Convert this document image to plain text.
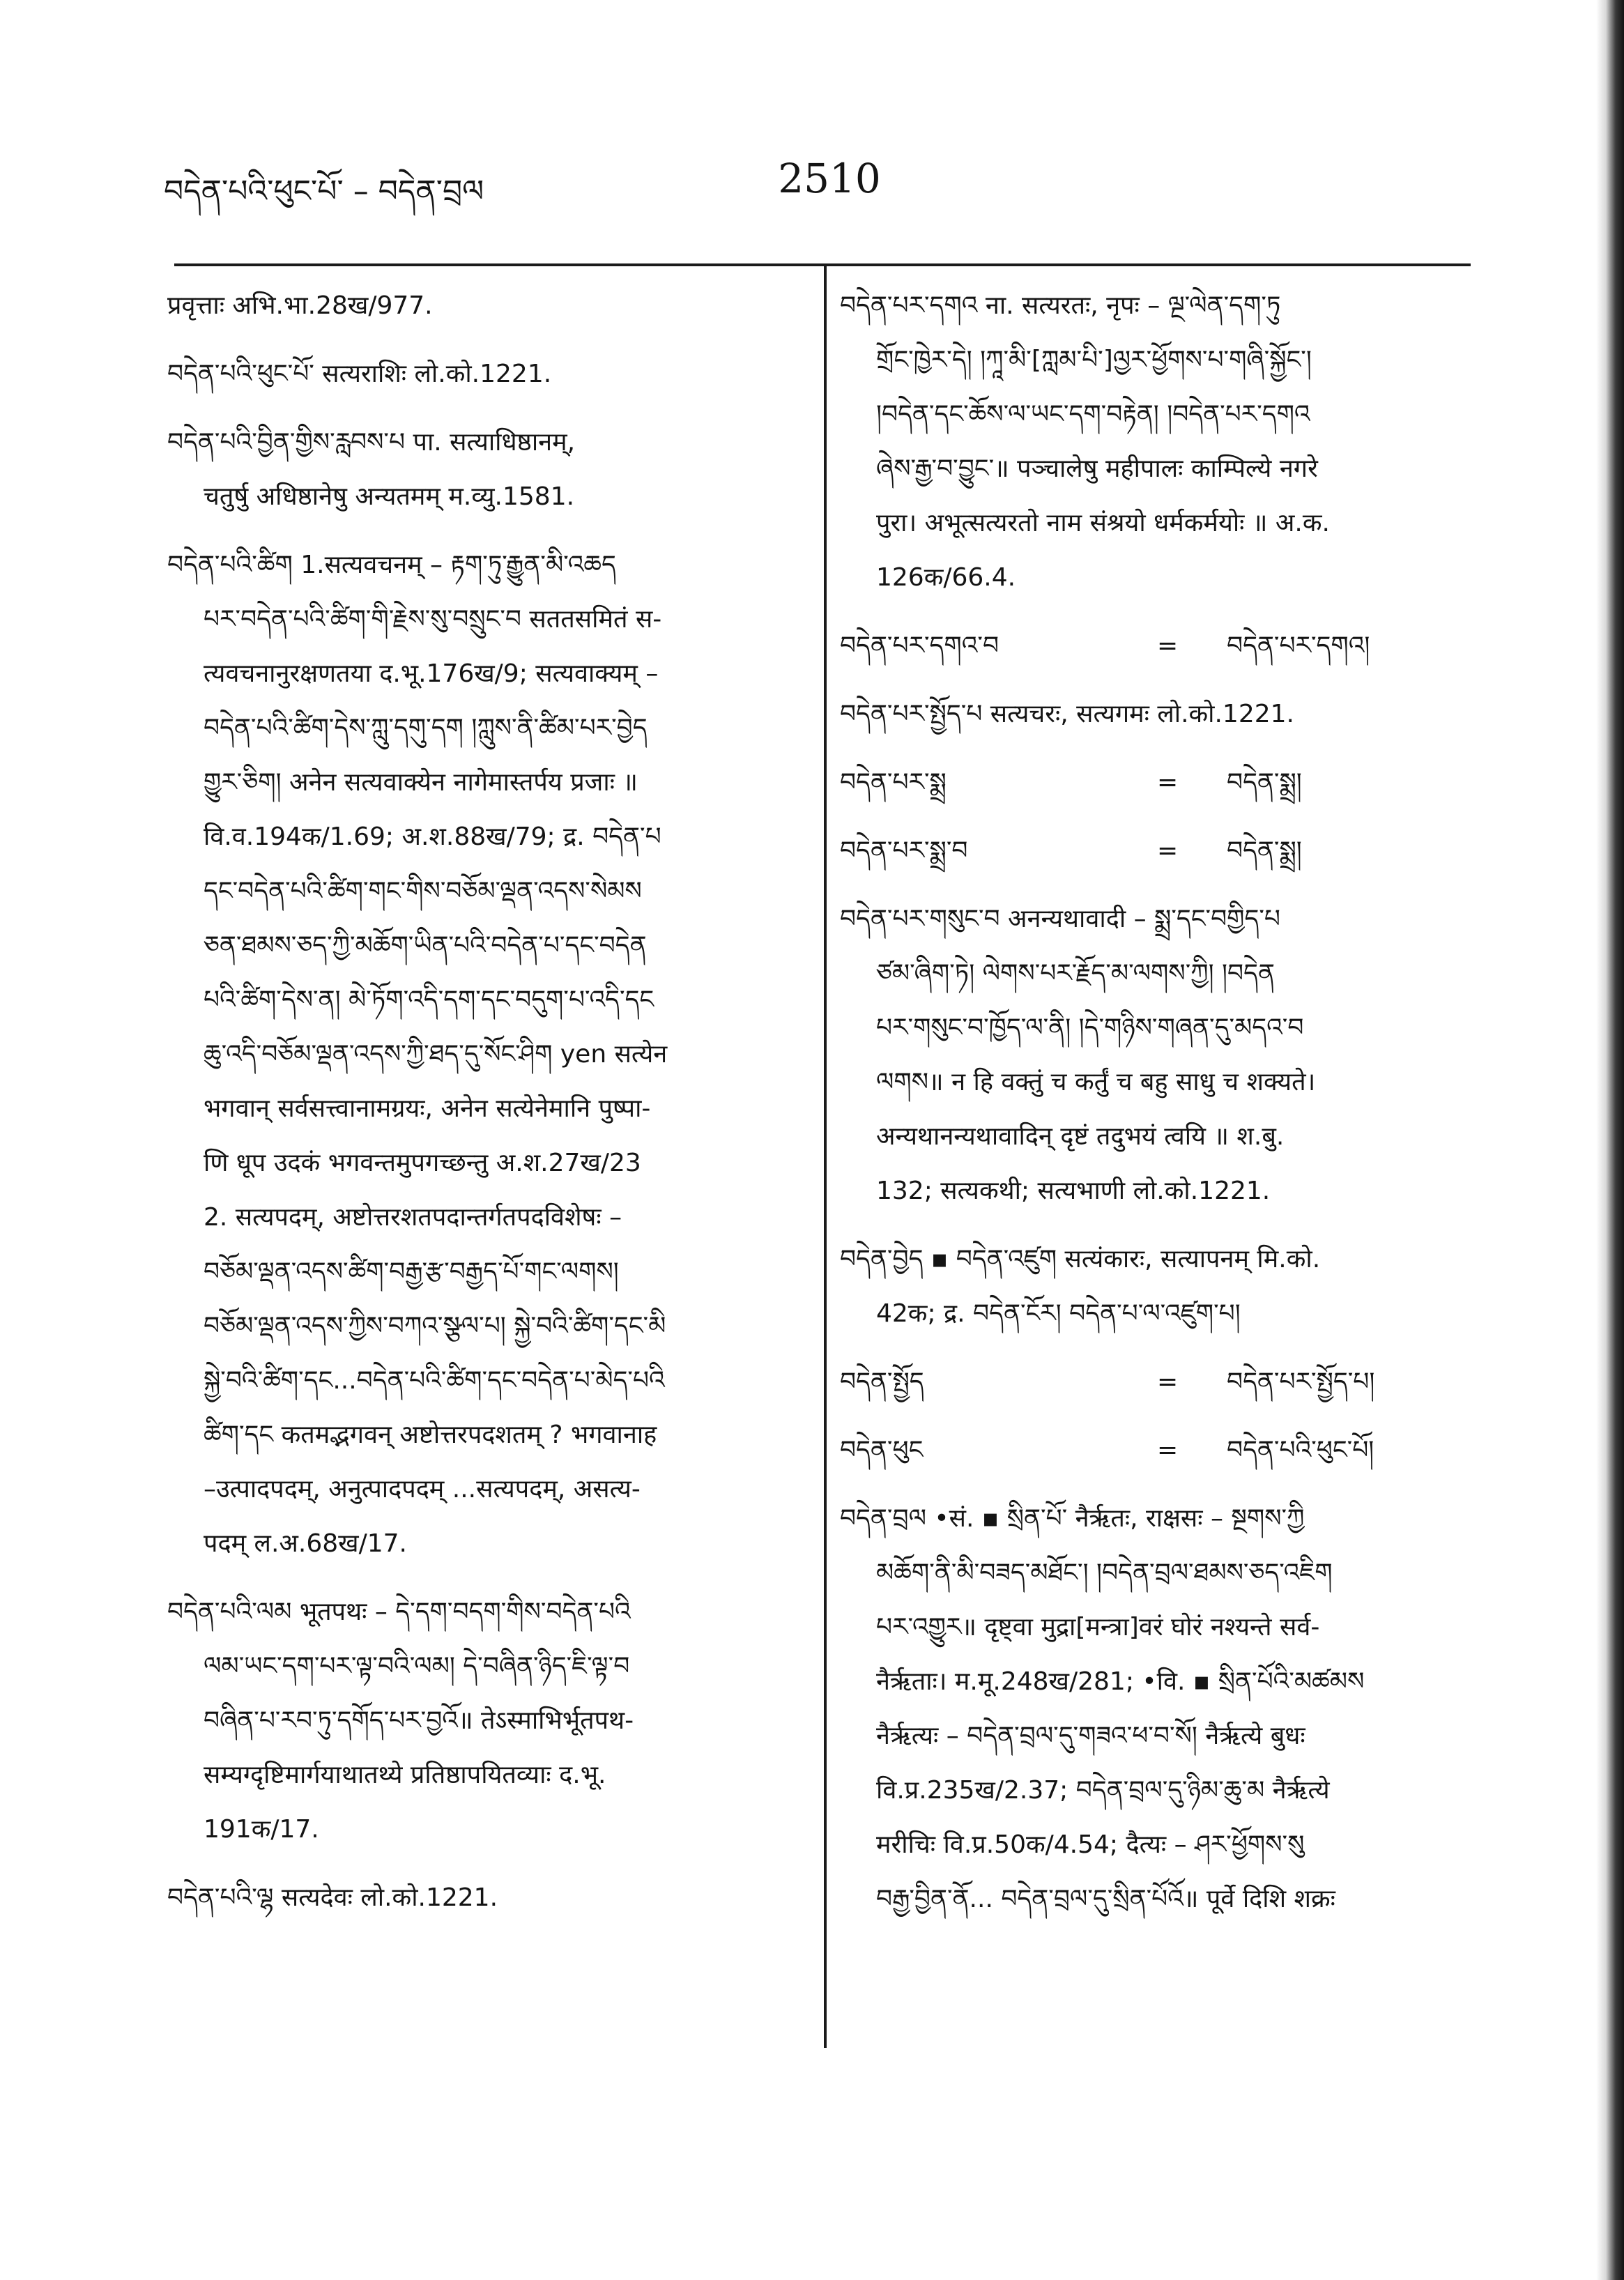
བདེན་པའི་ཕུང་པོ་ – བདེན་བྲལ	2510
प्रवृत्ताः अभि.भा.28ख/977.
བདེན་པའི་ཕུང་པོ་ सत्यराशिः लो.को.1221.
བདེན་པའི་བྱིན་གྱིས་རླབས་པ पा. सत्याधिष्ठानम्,
चतुर्षु अधिष्ठानेषु अन्यतमम् म.व्यु.1581.
བདེན་པའི་ཚིག 1.सत्यवचनम् – རྟག་ཏུ་རྒྱུན་མི་འཆད
པར་བདེན་པའི་ཚིག་གི་རྗེས་སུ་བསྲུང་བ सततसमितं स-
त्यवचनानुरक्षणतया द.भू.176ख/9; सत्यवाक्यम् –
བདེན་པའི་ཚིག་དེས་ཀླུ་དགུ་དག །ཀླུས་ནི་ཚིམ་པར་བྱེད
གྱུར་ཅིག། अनेन सत्यवाक्येन नागेमास्तर्पय प्रजाः ॥
वि.व.194क/1.69; अ.श.88ख/79; द्र. བདེན་པ
དང་བདེན་པའི་ཚིག་གང་གིས་བཅོམ་ལྡན་འདས་སེམས
ཅན་ཐམས་ཅད་ཀྱི་མཆོག་ཡིན་པའི་བདེན་པ་དང་བདེན
པའི་ཚིག་དེས་ན། མེ་ཏོག་འདི་དག་དང་བདུག་པ་འདི་དང
ཆུ་འདི་བཅོམ་ལྡན་འདས་ཀྱི་ཐད་དུ་སོང་ཤིག yen सत्येन
भगवान् सर्वसत्त्वानामग्रयः, अनेन सत्येनेमानि पुष्पा-
णि धूप उदकं भगवन्तमुपगच्छन्तु अ.श.27ख/23
2. सत्यपदम्, अष्टोत्तरशतपदान्तर्गतपदविशेषः –
བཅོམ་ལྡན་འདས་ཚིག་བརྒྱ་རྩ་བརྒྱད་པོ་གང་ལགས།
བཅོམ་ལྡན་འདས་ཀྱིས་བཀའ་སྩལ་པ། སྐྱེ་བའི་ཚིག་དང་མི
སྐྱེ་བའི་ཚིག་དང...བདེན་པའི་ཚིག་དང་བདེན་པ་མེད་པའི
ཚིག་དང कतमद्भगवन् अष्टोत्तरपदशतम् ? भगवानाह
–उत्पादपदम्, अनुत्पादपदम् ...सत्यपदम्, असत्य-
पदम् ल.अ.68ख/17.
བདེན་པའི་ལམ भूतपथः – དེ་དག་བདག་གིས་བདེན་པའི
ལམ་ཡང་དག་པར་ལྟ་བའི་ལམ། དེ་བཞིན་ཉིད་ཇི་ལྟ་བ
བཞིན་པ་རབ་ཏུ་དགོད་པར་བྱའོ॥ तेऽस्माभिर्भूतपथ-
सम्यग्दृष्टिमार्गयाथातथ्ये प्रतिष्ठापयितव्याः द.भू.
191क/17.
བདེན་པའི་ལྷ सत्यदेवः लो.को.1221.
བདེན་པར་དགའ ना. सत्यरतः, नृपः – ལྔ་ལེན་དག་ཏུ
གྲོང་ཁྱེར་དེ། །ཀཱ་མི་[ཀླམ་པི་]ལྱར་ཕྱོགས་པ་གཞི་སྐྱོང་།
།བདེན་དང་ཆོས་ལ་ཡང་དག་བརྟེན། །བདེན་པར་དགའ
ཞེས་རྒྱ་བ་བྱུང་॥ पञ्चालेषु महीपालः काम्पिल्ये नगरे
पुरा। अभूत्सत्यरतो नाम संश्रयो धर्मकर्मयोः ॥ अ.क.
126क/66.4.
བདེན་པར་དགའ་བ	=	བདེན་པར་དགའ།
བདེན་པར་སྤྱོད་པ सत्यचरः, सत्यगमः लो.को.1221.
བདེན་པར་སྨྲ	=	བདེན་སྨྲ།
བདེན་པར་སྨྲ་བ	=	བདེན་སྨྲ།
བདེན་པར་གསུང་བ अनन्यथावादी – སྨྲ་དང་བགྱིད་པ
ཙམ་ཞིག་ཏེ། ལེགས་པར་རྗོད་མ་ལགས་ཀྱི། །བདེན
པར་གསུང་བ་ཁྱོད་ལ་ནི། །དེ་གཉིས་གཞན་དུ་མདའ་བ
ལགས॥ न हि वक्तुं च कर्तुं च बहु साधु च शक्यते।
अन्यथानन्यथावादिन् दृष्टं तदुभयं त्वयि ॥ श.बु.
132; सत्यकथी; सत्यभाणी लो.को.1221.
བདེན་བྱེད ▪ བདེན་འཛུག सत्यंकारः, सत्यापनम् मि.को.
42क; द्र. བདེན་ངོར། བདེན་པ་ལ་འཛུག་པ།
བདེན་སྤྱོད	=	བདེན་པར་སྤྱོད་པ།
བདེན་ཕུང	=	བདེན་པའི་ཕུང་པོ།
བདེན་བྲལ •सं. ▪ སྲིན་པོ་ नैर्ऋतः, राक्षसः – སྔགས་ཀྱི
མཆོག་ནི་མི་བཟད་མཐོང་། །བདེན་བྲལ་ཐམས་ཅད་འཇིག
པར་འགྱུར॥ दृष्ट्वा मुद्रा[मन्त्रा]वरं घोरं नश्यन्ते सर्व-
नैर्ऋताः। म.मू.248ख/281; •वि. ▪ སྲིན་པོའི་མཚམས
नैर्ऋत्यः – བདེན་བྲལ་དུ་གཟའ་ཕ་བ་སོ། नैर्ऋत्ये बुधः
वि.प्र.235ख/2.37; བདེན་བྲལ་དུ་ཉིམ་ཆུ་མ नैर्ऋत्ये
मरीचिः वि.प्र.50क/4.54; दैत्यः – ཤར་ཕྱོགས་སུ
བརྒྱ་བྱིན་ནོ... བདེན་བྲལ་དུ་སྲིན་པོའོ॥ पूर्वे दिशि शक्रः
